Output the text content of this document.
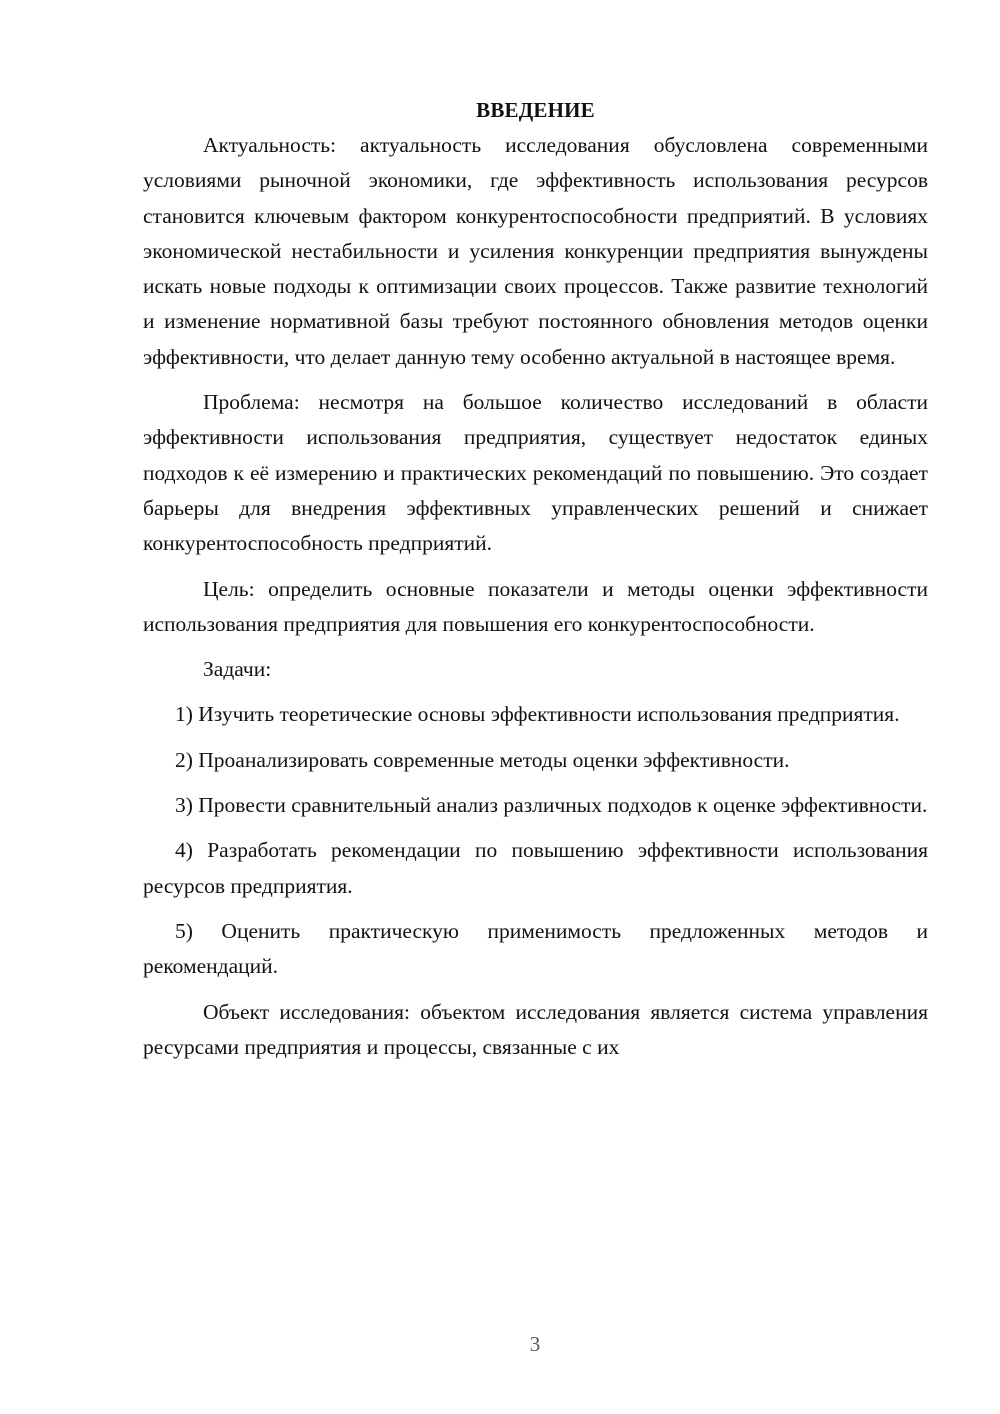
ВВЕДЕНИЕ

Актуальность: актуальность исследования обусловлена современными условиями рыночной экономики, где эффективность использования ресурсов становится ключевым фактором конкурентоспособности предприятий. В условиях экономической нестабильности и усиления конкуренции предприятия вынуждены искать новые подходы к оптимизации своих процессов. Также развитие технологий и изменение нормативной базы требуют постоянного обновления методов оценки эффективности, что делает данную тему особенно актуальной в настоящее время.

Проблема: несмотря на большое количество исследований в области эффективности использования предприятия, существует недостаток единых подходов к её измерению и практических рекомендаций по повышению. Это создает барьеры для внедрения эффективных управленческих решений и снижает конкурентоспособность предприятий.

Цель: определить основные показатели и методы оценки эффективности использования предприятия для повышения его конкурентоспособности.

Задачи:

1) Изучить теоретические основы эффективности использования предприятия.

2) Проанализировать современные методы оценки эффективности.

3) Провести сравнительный анализ различных подходов к оценке эффективности.

4) Разработать рекомендации по повышению эффективности использования ресурсов предприятия.

5) Оценить практическую применимость предложенных методов и рекомендаций.

Объект исследования: объектом исследования является система управления ресурсами предприятия и процессы, связанные с их

3
